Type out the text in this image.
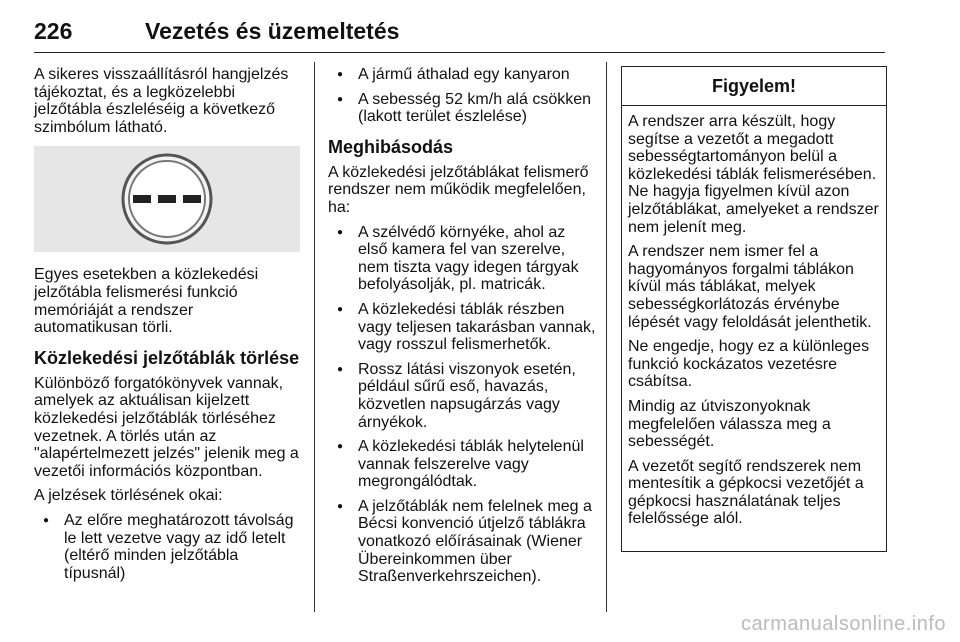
226	Vezetés és üzemeltetés

A sikeres visszaállításról hangjelzés tájékoztat, és a legközelebbi jelzőtábla észleléséig a következő szimbólum látható.

Egyes esetekben a közlekedési jelzőtábla felismerési funkció memóriáját a rendszer automatikusan törli.

Közlekedési jelzőtáblák törlése

Különböző forgatókönyvek vannak, amelyek az aktuálisan kijelzett közlekedési jelzőtáblák törléséhez vezetnek. A törlés után az "alapértelmezett jelzés" jelenik meg a vezetői információs központban.

A jelzések törlésének okai:

● Az előre meghatározott távolság le lett vezetve vagy az idő letelt (eltérő minden jelzőtábla típusnál)
● A jármű áthalad egy kanyaron
● A sebesség 52 km/h alá csökken (lakott terület észlelése)
Meghibásodás

A közlekedési jelzőtáblákat felismerő rendszer nem működik megfelelően, ha:

● A szélvédő környéke, ahol az első kamera fel van szerelve, nem tiszta vagy idegen tárgyak befolyásolják, pl. matricák.
● A közlekedési táblák részben vagy teljesen takarásban vannak, vagy rosszul felismerhetők.
● Rossz látási viszonyok esetén, például sűrű eső, havazás, közvetlen napsugárzás vagy árnyékok.
● A közlekedési táblák helytelenül vannak felszerelve vagy megrongálódtak.
● A jelzőtáblák nem felelnek meg a Bécsi konvenció útjelző táblákra vonatkozó előírásainak (Wiener Übereinkommen über Straßenverkehrszeichen).
Figyelem!

A rendszer arra készült, hogy segítse a vezetőt a megadott sebességtartományon belül a közlekedési táblák felismerésében. Ne hagyja figyelmen kívül azon jelzőtáblákat, amelyeket a rendszer nem jelenít meg.

A rendszer nem ismer fel a hagyományos forgalmi táblákon kívül más táblákat, melyek sebességkorlátozás érvénybe lépését vagy feloldását jelenthetik.

Ne engedje, hogy ez a különleges funkció kockázatos vezetésre csábítsa.

Mindig az útviszonyoknak megfelelően válassza meg a sebességét.

A vezetőt segítő rendszerek nem mentesítik a gépkocsi vezetőjét a gépkocsi használatának teljes felelőssége alól.

carmanualsonline.info
